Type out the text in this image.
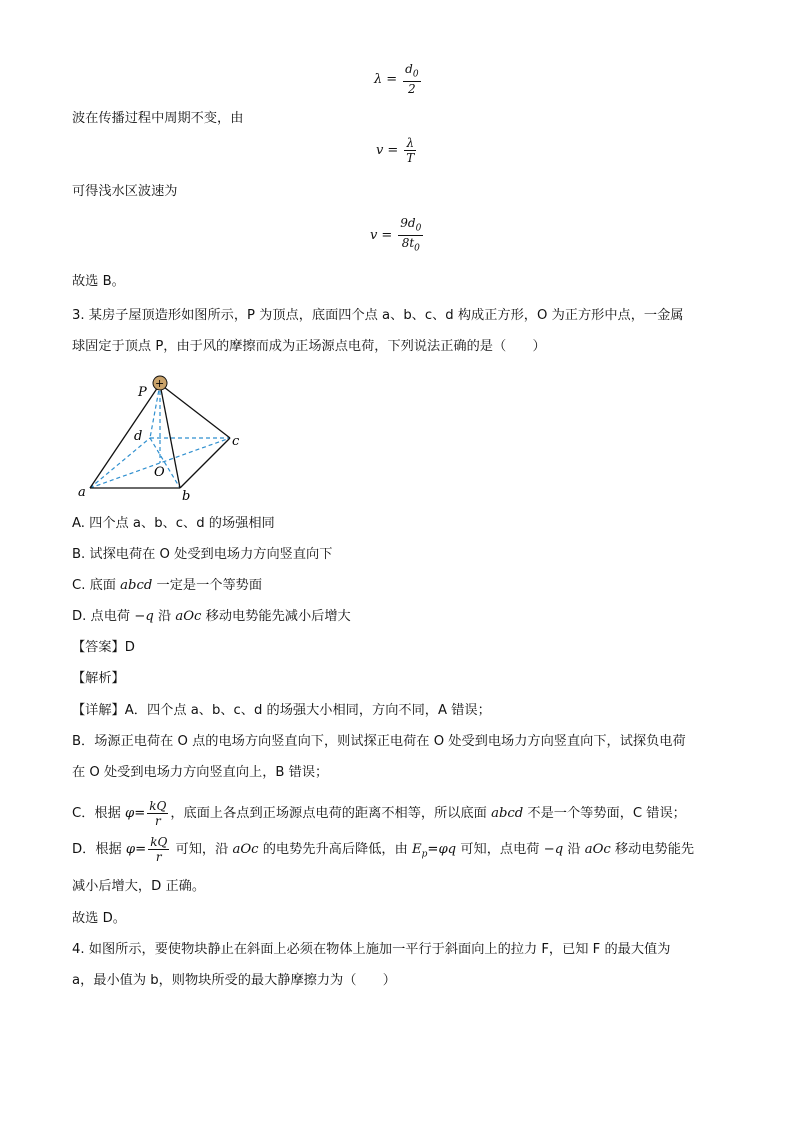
$\lambda = \frac{d_0}{2}$
波在传播过程中周期不变，由
$v = \frac{\lambda}{T}$
可得浅水区波速为
$v = \frac{9d_0}{8t_0}$
故选 B。
3. 某房子屋顶造形如图所示，P 为顶点，底面四个点 a、b、c、d 构成正方形，O 为正方形中点，一金属
球固定于顶点 P，由于风的摩擦而成为正场源点电荷，下列说法正确的是（　　）
+
P
d	c
O
a	b
A. 四个点 a、b、c、d 的场强相同
B. 试探电荷在 O 处受到电场力方向竖直向下
C. 底面 abcd 一定是一个等势面
D. 点电荷 −q 沿 aOc 移动电势能先减小后增大
【答案】D
【解析】
【详解】A．四个点 a、b、c、d 的场强大小相同，方向不同，A 错误；
B．场源正电荷在 O 点的电场方向竖直向下，则试探正电荷在 O 处受到电场力方向竖直向下，试探负电荷
在 O 处受到电场力方向竖直向上，B 错误；
C．根据 $\varphi= \frac{kQ}{r}$ ，底面上各点到正场源点电荷的距离不相等，所以底面 abcd 不是一个等势面，C 错误；
D．根据 $\varphi= \frac{kQ}{r}$ 可知，沿 aOc 的电势先升高后降低，由 $E_p=\varphi q$ 可知，点电荷 −q 沿 aOc 移动电势能先
减小后增大，D 正确。
故选 D。
4. 如图所示，要使物块静止在斜面上必须在物体上施加一平行于斜面向上的拉力 F，已知 F 的最大值为
a，最小值为 b，则物块所受的最大静摩擦力为（　　）
